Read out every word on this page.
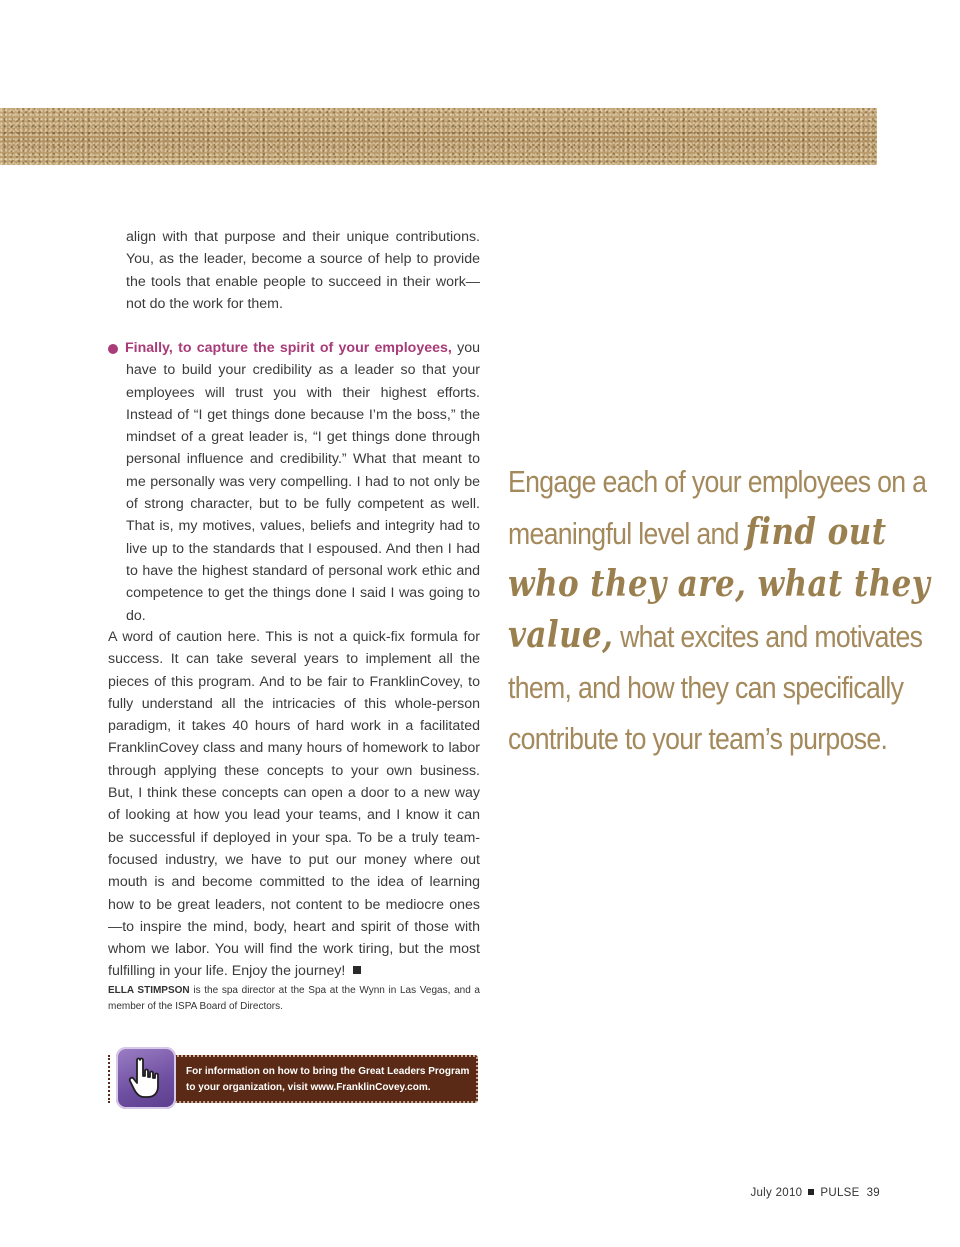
align with that purpose and their unique contributions. You, as the leader, become a source of help to provide the tools that enable people to succeed in their work—not do the work for them.

Finally, to capture the spirit of your employees, you have to build your credibility as a leader so that your employees will trust you with their highest efforts. Instead of “I get things done because I’m the boss,” the mindset of a great leader is, “I get things done through personal influence and credibility.” What that meant to me personally was very compelling. I had to not only be of strong character, but to be fully competent as well. That is, my motives, values, beliefs and integrity had to live up to the standards that I espoused. And then I had to have the highest standard of personal work ethic and competence to get the things done I said I was going to do.

A word of caution here. This is not a quick-fix formula for success. It can take several years to implement all the pieces of this program. And to be fair to FranklinCovey, to fully understand all the intricacies of this whole-person paradigm, it takes 40 hours of hard work in a facilitated FranklinCovey class and many hours of homework to labor through applying these concepts to your own business. But, I think these concepts can open a door to a new way of looking at how you lead your teams, and I know it can be successful if deployed in your spa. To be a truly team-focused industry, we have to put our money where out mouth is and become committed to the idea of learning how to be great leaders, not content to be mediocre ones—to inspire the mind, body, heart and spirit of those with whom we labor. You will find the work tiring, but the most fulfilling in your life. Enjoy the journey!

ELLA STIMPSON is the spa director at the Spa at the Wynn in Las Vegas, and a member of the ISPA Board of Directors.
For information on how to bring the Great Leaders Program
to your organization, visit www.FranklinCovey.com.
Engage each of your employees on a
meaningful level and find out
who they are, what they
value, what excites and motivates
them, and how they can specifically
contribute to your team’s purpose.
July 2010 PULSE 39
